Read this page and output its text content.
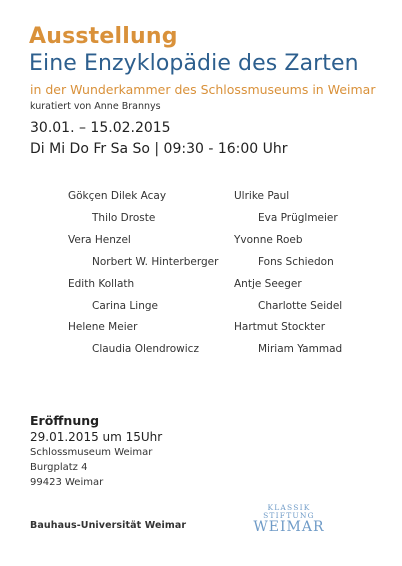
Ausstellung
Eine Enzyklopädie des Zarten
in der Wunderkammer des Schlossmuseums in Weimar
kuratiert von Anne Brannys
30.01. – 15.02.2015
Di Mi Do Fr Sa So | 09:30 - 16:00 Uhr
Gökçen Dilek Acay
Thilo Droste
Vera Henzel
Norbert W. Hinterberger
Edith Kollath
Carina Linge
Helene Meier
Claudia Olendrowicz
Ulrike Paul
Eva Prüglmeier
Yvonne Roeb
Fons Schiedon
Antje Seeger
Charlotte Seidel
Hartmut Stockter
Miriam Yammad
Eröffnung
29.01.2015 um 15Uhr
Schlossmuseum Weimar
Burgplatz 4
99423 Weimar
Bauhaus-Universität Weimar
KLASSIK
STIFTUNG
WEIMAR
